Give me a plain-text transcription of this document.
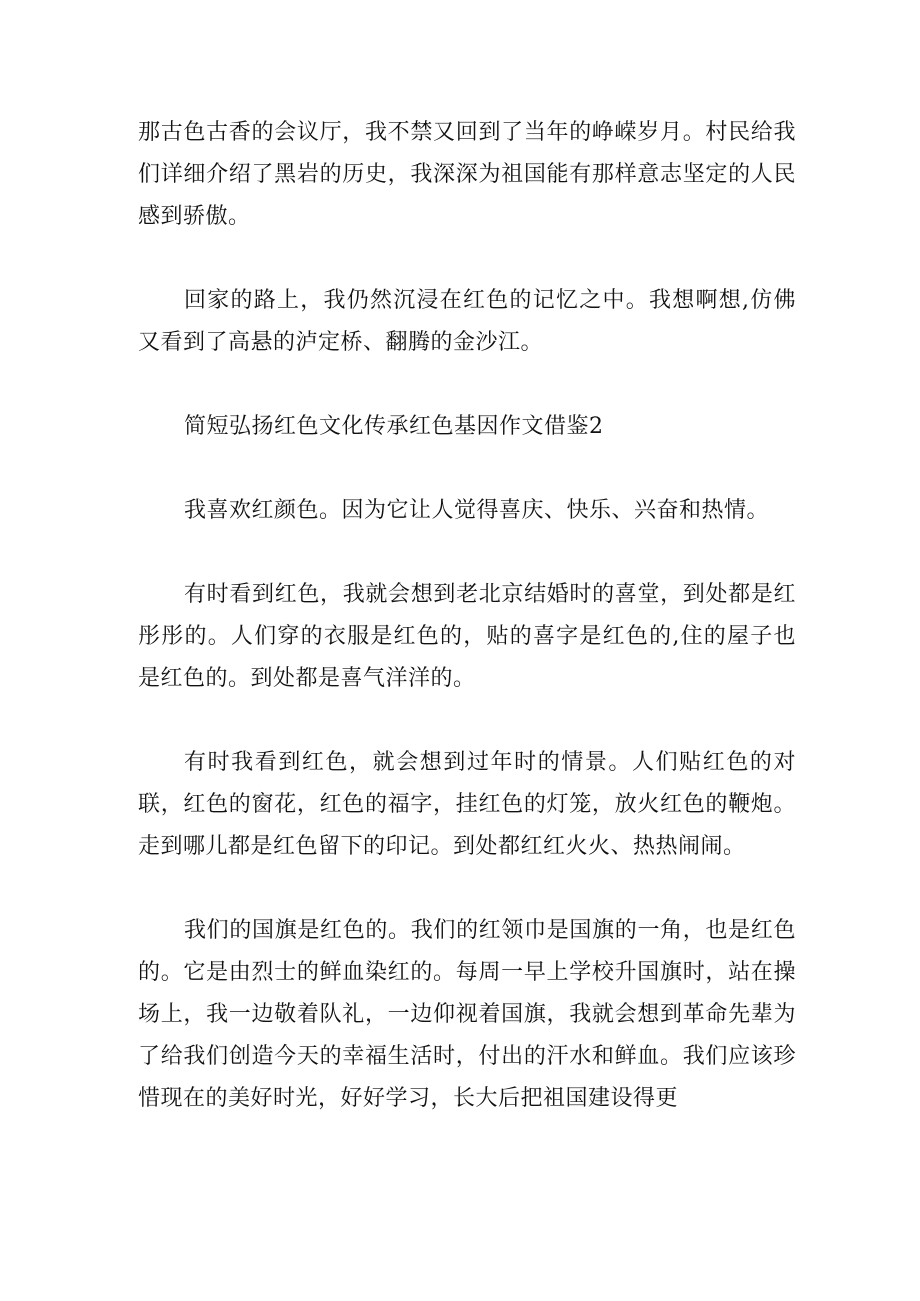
那古色古香的会议厅，我不禁又回到了当年的峥嵘岁月。村民给我们详细介绍了黑岩的历史，我深深为祖国能有那样意志坚定的人民感到骄傲。

回家的路上，我仍然沉浸在红色的记忆之中。我想啊想,仿佛又看到了高悬的泸定桥、翻腾的金沙江。

简短弘扬红色文化传承红色基因作文借鉴2

我喜欢红颜色。因为它让人觉得喜庆、快乐、兴奋和热情。

有时看到红色，我就会想到老北京结婚时的喜堂，到处都是红彤彤的。人们穿的衣服是红色的，贴的喜字是红色的,住的屋子也是红色的。到处都是喜气洋洋的。

有时我看到红色，就会想到过年时的情景。人们贴红色的对联，红色的窗花，红色的福字，挂红色的灯笼，放火红色的鞭炮。走到哪儿都是红色留下的印记。到处都红红火火、热热闹闹。

我们的国旗是红色的。我们的红领巾是国旗的一角，也是红色的。它是由烈士的鲜血染红的。每周一早上学校升国旗时，站在操场上，我一边敬着队礼，一边仰视着国旗，我就会想到革命先辈为了给我们创造今天的幸福生活时，付出的汗水和鲜血。我们应该珍惜现在的美好时光，好好学习，长大后把祖国建设得更
